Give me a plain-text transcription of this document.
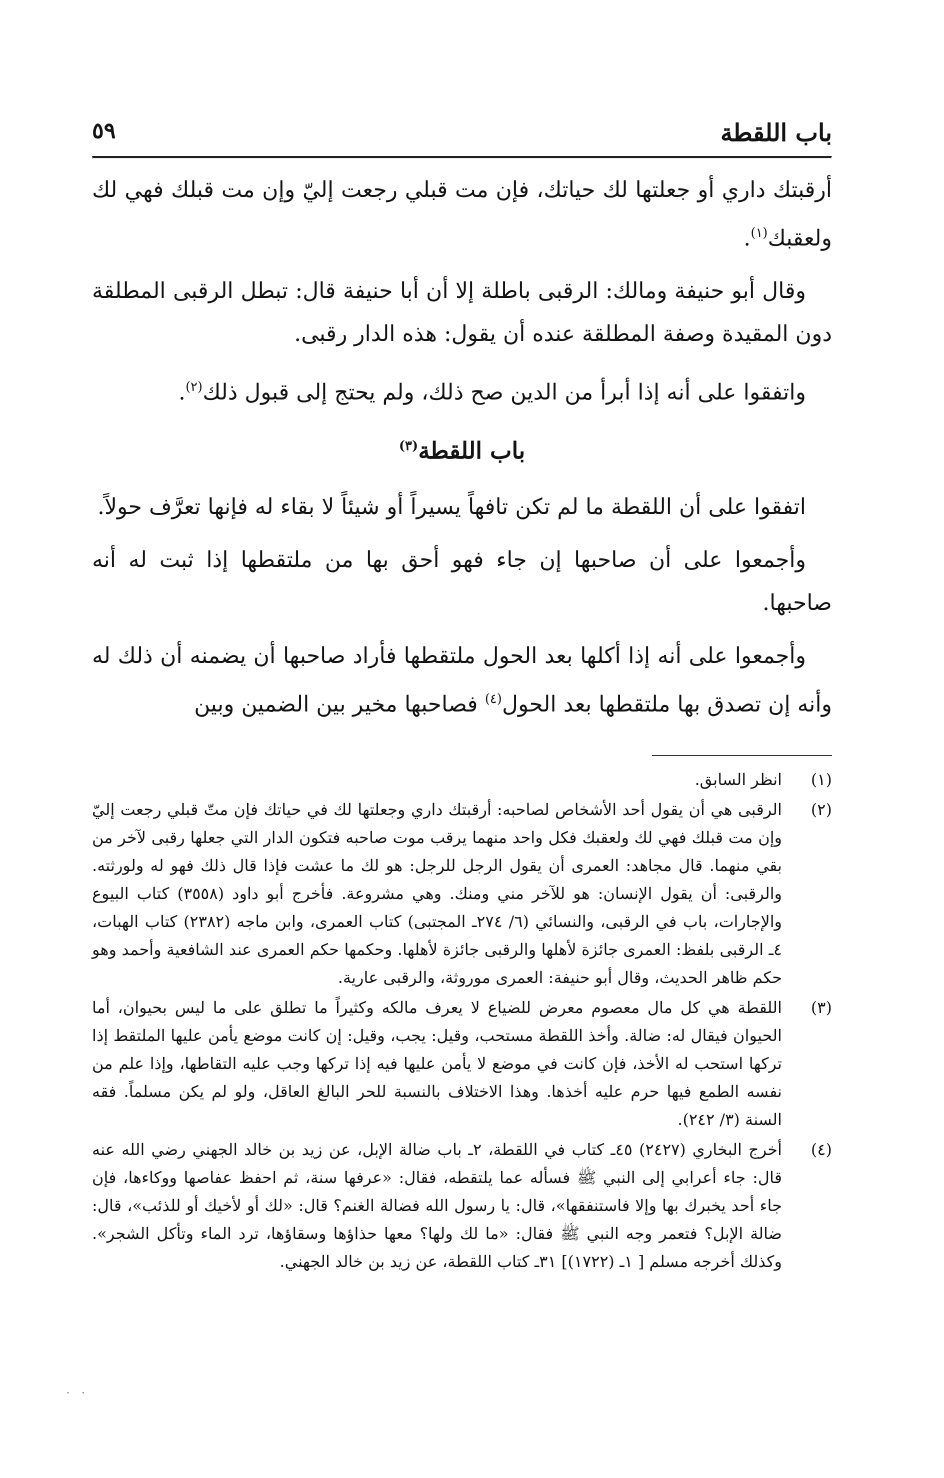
باب اللقطة
٥٩

أرقبتك داري أو جعلتها لك حياتك، فإن مت قبلي رجعت إليّ وإن مت قبلك فهي لك ولعقبك$^{(١)}$.

وقال أبو حنيفة ومالك: الرقبى باطلة إلا أن أبا حنيفة قال: تبطل الرقبى المطلقة دون المقيدة وصفة المطلقة عنده أن يقول: هذه الدار رقبى.

واتفقوا على أنه إذا أبرأ من الدين صح ذلك، ولم يحتج إلى قبول ذلك$^{(٢)}$.

باب اللقطة$^{(٣)}$

اتفقوا على أن اللقطة ما لم تكن تافهاً يسيراً أو شيئاً لا بقاء له فإنها تعرَّف حولاً.

وأجمعوا على أن صاحبها إن جاء فهو أحق بها من ملتقطها إذا ثبت له أنه صاحبها.

وأجمعوا على أنه إذا أكلها بعد الحول ملتقطها فأراد صاحبها أن يضمنه أن ذلك له وأنه إن تصدق بها ملتقطها بعد الحول$^{(٤)}$ فصاحبها مخير بين الضمين وبين

(١)
انظر السابق.
(٢)
الرقبى هي أن يقول أحد الأشخاص لصاحبه: أرقبتك داري وجعلتها لك في حياتك فإن متّ قبلي رجعت إليّ وإن مت قبلك فهي لك ولعقبك فكل واحد منهما يرقب موت صاحبه فتكون الدار التي جعلها رقبى لآخر من بقي منهما. قال مجاهد: العمرى أن يقول الرجل للرجل: هو لك ما عشت فإذا قال ذلك فهو له ولورثته. والرقبى: أن يقول الإنسان: هو للآخر مني ومنك. وهي مشروعة. فأخرج أبو داود (٣٥٥٨) كتاب البيوع والإجارات، باب في الرقبى، والنسائي (٦/ ٢٧٤ـ المجتبى) كتاب العمرى، وابن ماجه (٢٣٨٢) كتاب الهبات، ٤ـ الرقبى بلفظ: العمرى جائزة لأهلها والرقبى جائزة لأهلها. وحكمها حكم العمرى عند الشافعية وأحمد وهو حكم ظاهر الحديث، وقال أبو حنيفة: العمرى موروثة، والرقبى عارية.
(٣)
اللقطة هي كل مال معصوم معرض للضياع لا يعرف مالكه وكثيراً ما تطلق على ما ليس بحيوان، أما الحيوان فيقال له: ضالة. وأخذ اللقطة مستحب، وقيل: يجب، وقيل: إن كانت موضع يأمن عليها الملتقط إذا تركها استحب له الأخذ، فإن كانت في موضع لا يأمن عليها فيه إذا تركها وجب عليه التقاطها، وإذا علم من نفسه الطمع فيها حرم عليه أخذها. وهذا الاختلاف بالنسبة للحر البالغ العاقل، ولو لم يكن مسلماً. فقه السنة (٣/ ٢٤٢).
(٤)
أخرج البخاري (٢٤٢٧) ٤٥ـ كتاب في اللقطة، ٢ـ باب ضالة الإبل، عن زيد بن خالد الجهني رضي الله عنه قال: جاء أعرابي إلى النبي ﷺ فسأله عما يلتقطه، فقال: «عرفها سنة، ثم احفظ عفاصها ووكاءها، فإن جاء أحد يخبرك بها وإلا فاستنفقها»، قال: يا رسول الله فضالة الغنم؟ قال: «لك أو لأخيك أو للذئب»، قال: ضالة الإبل؟ فتعمر وجه النبي ﷺ فقال: «ما لك ولها؟ معها حذاؤها وسقاؤها، ترد الماء وتأكل الشجر». وكذلك أخرجه مسلم [ ١ـ (١٧٢٢)] ٣١ـ كتاب اللقطة، عن زيد بن خالد الجهني.
·   ·
